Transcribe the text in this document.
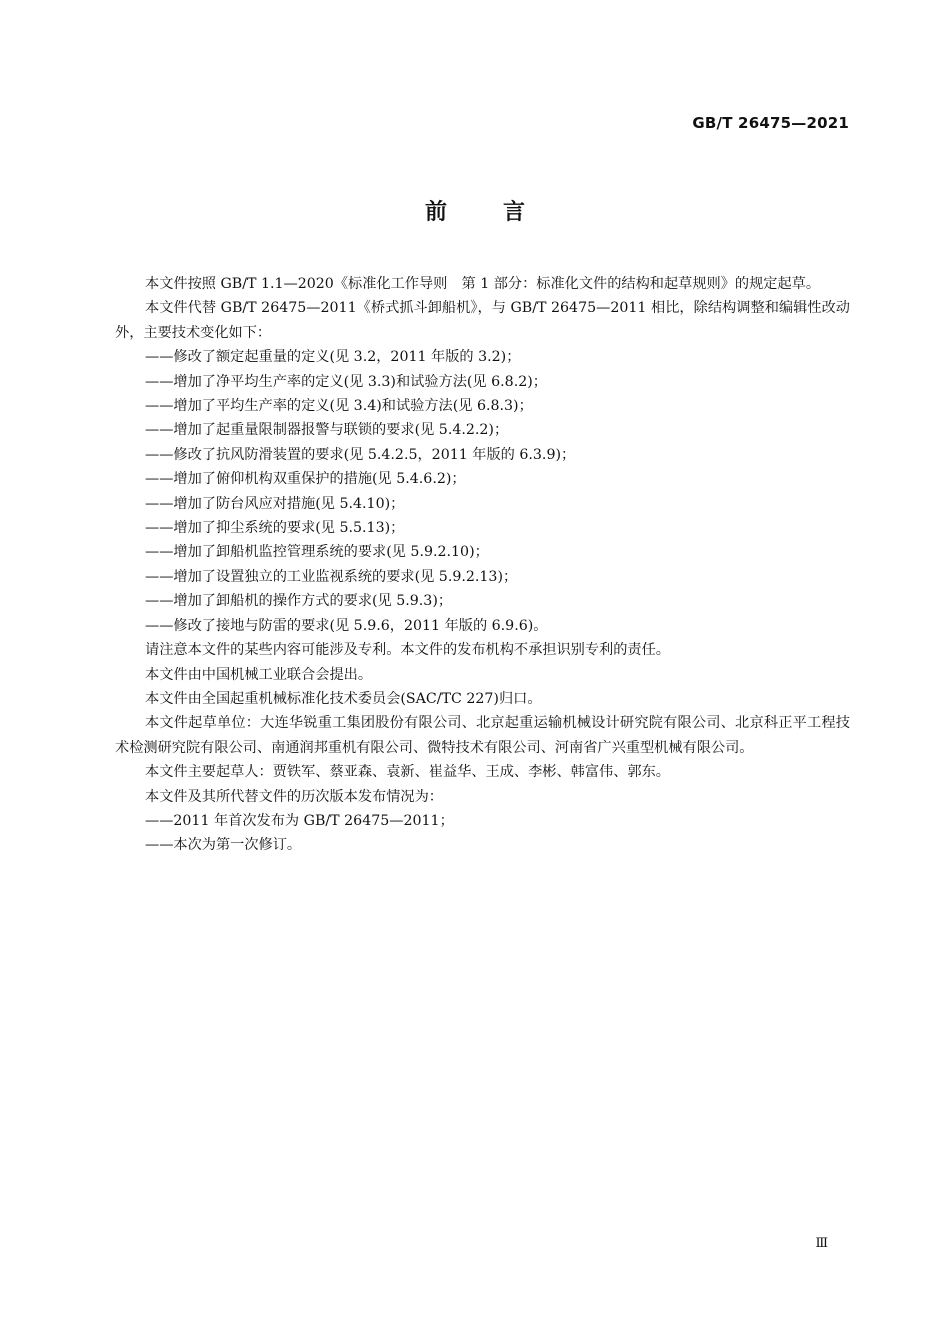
GB/T 26475—2021
前言

本文件按照 GB/T 1.1—2020《标准化工作导则　第 1 部分：标准化文件的结构和起草规则》的规定起草。

本文件代替 GB/T 26475—2011《桥式抓斗卸船机》，与 GB/T 26475—2011 相比，除结构调整和编辑性改动外，主要技术变化如下：

——修改了额定起重量的定义(见 3.2，2011 年版的 3.2)；

——增加了净平均生产率的定义(见 3.3)和试验方法(见 6.8.2)；

——增加了平均生产率的定义(见 3.4)和试验方法(见 6.8.3)；

——增加了起重量限制器报警与联锁的要求(见 5.4.2.2)；

——修改了抗风防滑装置的要求(见 5.4.2.5，2011 年版的 6.3.9)；

——增加了俯仰机构双重保护的措施(见 5.4.6.2)；

——增加了防台风应对措施(见 5.4.10)；

——增加了抑尘系统的要求(见 5.5.13)；

——增加了卸船机监控管理系统的要求(见 5.9.2.10)；

——增加了设置独立的工业监视系统的要求(见 5.9.2.13)；

——增加了卸船机的操作方式的要求(见 5.9.3)；

——修改了接地与防雷的要求(见 5.9.6，2011 年版的 6.9.6)。

请注意本文件的某些内容可能涉及专利。本文件的发布机构不承担识别专利的责任。

本文件由中国机械工业联合会提出。

本文件由全国起重机械标准化技术委员会(SAC/TC 227)归口。

本文件起草单位：大连华锐重工集团股份有限公司、北京起重运输机械设计研究院有限公司、北京科正平工程技术检测研究院有限公司、南通润邦重机有限公司、微特技术有限公司、河南省广兴重型机械有限公司。

本文件主要起草人：贾铁军、蔡亚森、袁新、崔益华、王成、李彬、韩富伟、郭东。

本文件及其所代替文件的历次版本发布情况为：

——2011 年首次发布为 GB/T 26475—2011；

——本次为第一次修订。

Ⅲ
